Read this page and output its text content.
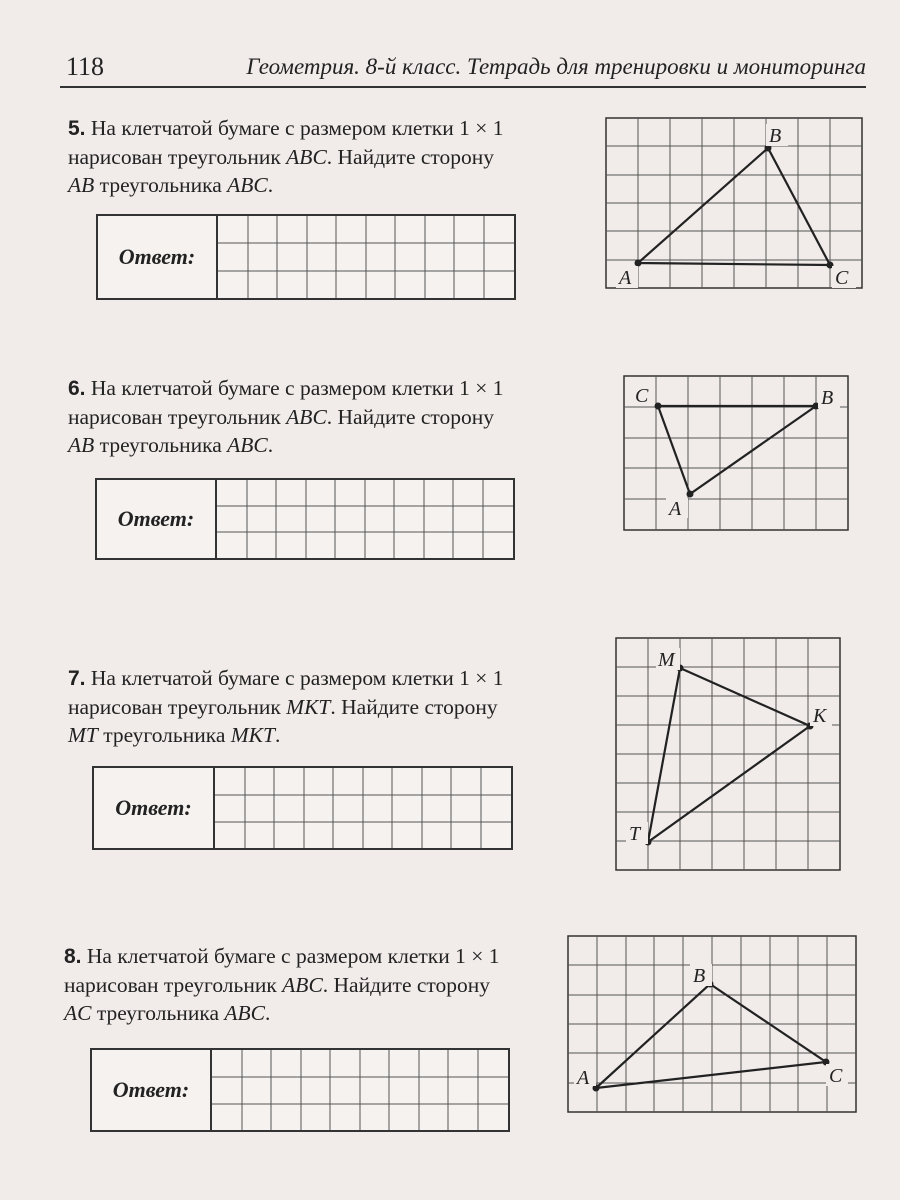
118	Геометрия. 8-й класс. Тетрадь для тренировки и мониторинга
5. На клетчатой бумаге с размером клетки 1 × 1
нарисован треугольник ABC. Найдите сторону
AB треугольника ABC.
Ответ:
A
B
C
6. На клетчатой бумаге с размером клетки 1 × 1
нарисован треугольник ABC. Найдите сторону
AB треугольника ABC.
Ответ:
C	B
A
7. На клетчатой бумаге с размером клетки 1 × 1
нарисован треугольник MKT. Найдите сторону
MT треугольника MKT.
Ответ:
M
K
T
8. На клетчатой бумаге с размером клетки 1 × 1
нарисован треугольник ABC. Найдите сторону
AC треугольника ABC.
Ответ:	A
B
C
